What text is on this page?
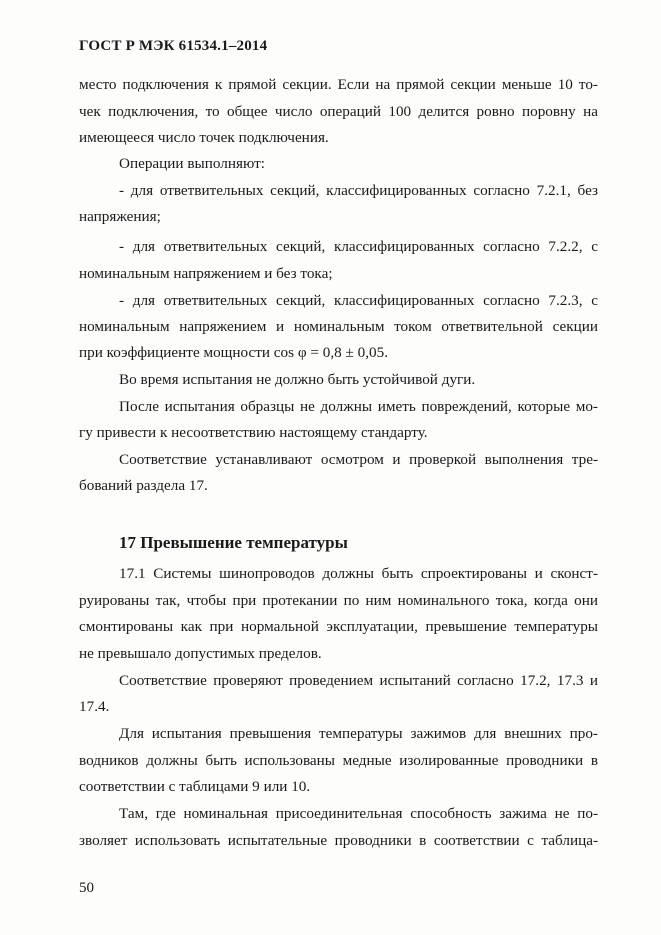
ГОСТ Р МЭК 61534.1–2014
место подключения к прямой секции. Если на прямой секции меньше 10 то-
чек подключения, то общее число операций 100 делится ровно поровну на
имеющееся число точек подключения.
Операции выполняют:
- для ответвительных секций, классифицированных согласно 7.2.1, без
напряжения;
- для ответвительных секций, классифицированных согласно 7.2.2, с
номинальным напряжением и без тока;
- для ответвительных секций, классифицированных согласно 7.2.3, с
номинальным напряжением и номинальным током ответвительной секции
при коэффициенте мощности cos φ = 0,8 ± 0,05.
Во время испытания не должно быть устойчивой дуги.
После испытания образцы не должны иметь повреждений, которые мо-
гу привести к несоответствию настоящему стандарту.
Соответствие устанавливают осмотром и проверкой выполнения тре-
бований раздела 17.
17 Превышение температуры
17.1 Системы шинопроводов должны быть спроектированы и сконст-
руированы так, чтобы при протекании по ним номинального тока, когда они
смонтированы как при нормальной эксплуатации, превышение температуры
не превышало допустимых пределов.
Соответствие проверяют проведением испытаний согласно 17.2, 17.3 и
17.4.
Для испытания превышения температуры зажимов для внешних про-
водников должны быть использованы медные изолированные проводники в
соответствии с таблицами 9 или 10.
Там, где номинальная присоединительная способность зажима не по-
зволяет использовать испытательные проводники в соответствии с таблица-
50
